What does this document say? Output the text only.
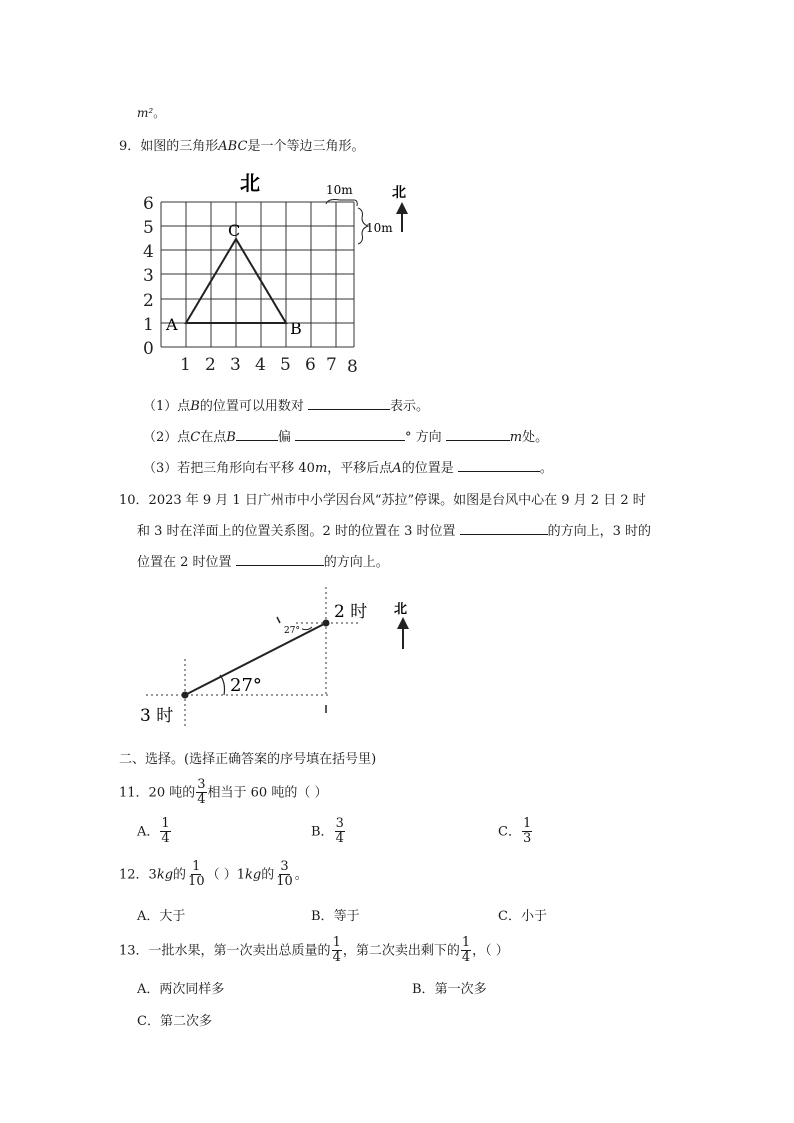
m²。
9．如图的三角形ABC是一个等边三角形。
北
6
5
4
3
2
1
0
1 2 3 4 5 6 7 8
A	B
C
10m
10m
北
（1）点B的位置可以用数对	表示。
（2）点C在点B	偏	° 方向	m处。
（3）若把三角形向右平移 40m，平移后点A的位置是	。
10．2023 年 9 月 1 日广州市中小学因台风“苏拉”停课。如图是台风中心在 9 月 2 日 2 时
和 3 时在洋面上的位置关系图。2 时的位置在 3 时位置	的方向上，3 时的
位置在 2 时位置	的方向上。
27°
27°
2 时
3 时
北
二、选择。(选择正确答案的序号填在括号里)
11．20 吨的 $\frac{3}{4}$ 相当于 60 吨的（ ）
A． $\frac{1}{4}$	B． $\frac{3}{4}$	C． $\frac{1}{3}$
12．3kg的 $\frac{1}{10}$ （ ）1kg的 $\frac{3}{10}$ 。
A．大于	B．等于	C．小于
13．一批水果，第一次卖出总质量的 $\frac{1}{4}$ ，第二次卖出剩下的 $\frac{1}{4}$ ，（ ）
A．两次同样多	B．第一次多
C．第二次多
